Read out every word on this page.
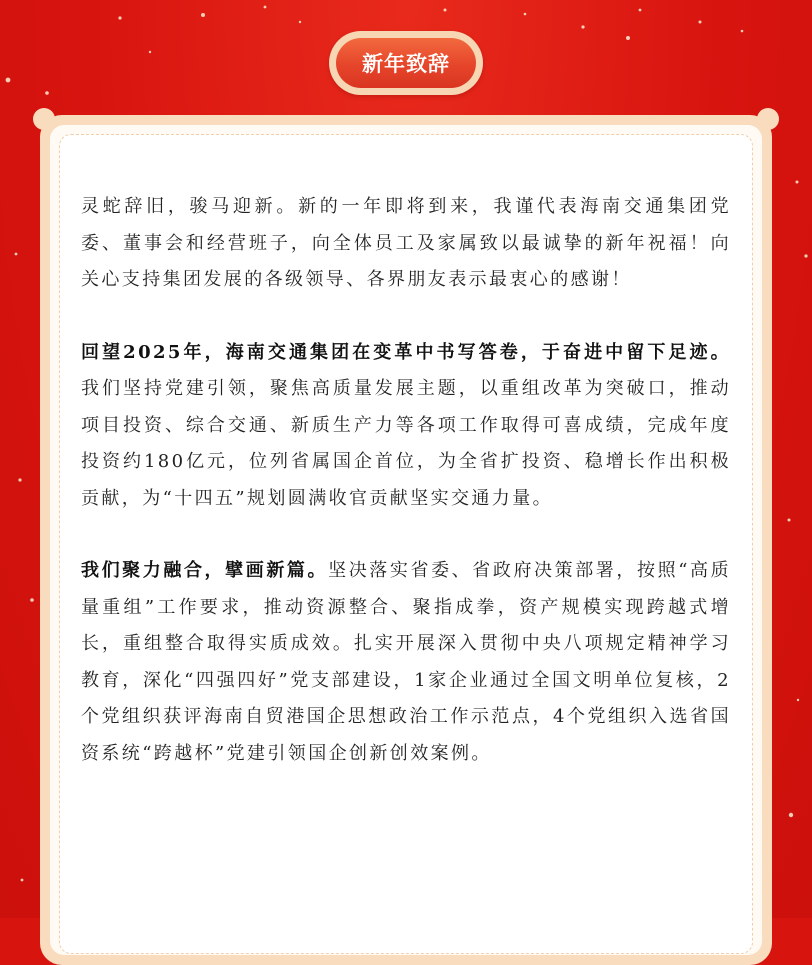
新年致辞

灵蛇辞旧，骏马迎新。新的一年即将到来，我谨代表海南交通集团党委、董事会和经营班子，向全体员工及家属致以最诚挚的新年祝福！向关心支持集团发展的各级领导、各界朋友表示最衷心的感谢！

回望2025年，海南交通集团在变革中书写答卷，于奋进中留下足迹。我们坚持党建引领，聚焦高质量发展主题，以重组改革为突破口，推动项目投资、综合交通、新质生产力等各项工作取得可喜成绩，完成年度投资约180亿元，位列省属国企首位，为全省扩投资、稳增长作出积极贡献，为“十四五”规划圆满收官贡献坚实交通力量。

我们聚力融合，擘画新篇。坚决落实省委、省政府决策部署，按照“高质量重组”工作要求，推动资源整合、聚指成拳，资产规模实现跨越式增长，重组整合取得实质成效。扎实开展深入贯彻中央八项规定精神学习教育，深化“四强四好”党支部建设，1家企业通过全国文明单位复核，2个党组织获评海南自贸港国企思想政治工作示范点，4个党组织入选省国资系统“跨越杯”党建引领国企创新创效案例。
